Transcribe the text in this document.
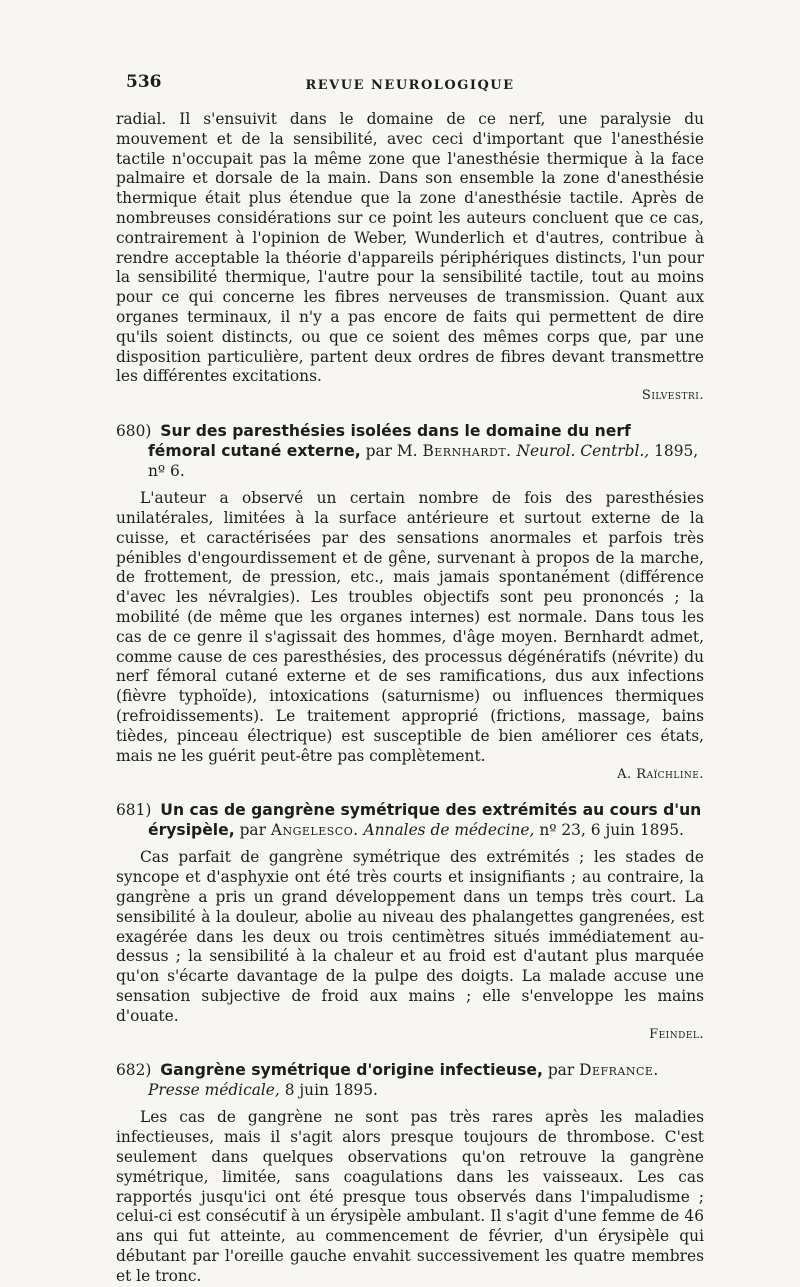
536	REVUE NEUROLOGIQUE

radial. Il s'ensuivit dans le domaine de ce nerf, une paralysie du mouvement et de la sensibilité, avec ceci d'important que l'anesthésie tactile n'occupait pas la même zone que l'anesthésie thermique à la face palmaire et dorsale de la main. Dans son ensemble la zone d'anesthésie thermique était plus étendue que la zone d'anesthésie tactile. Après de nombreuses considérations sur ce point les auteurs concluent que ce cas, contrairement à l'opinion de Weber, Wunderlich et d'autres, contribue à rendre acceptable la théorie d'appareils périphériques distincts, l'un pour la sensibilité thermique, l'autre pour la sensibilité tactile, tout au moins pour ce qui concerne les fibres nerveuses de transmission. Quant aux organes terminaux, il n'y a pas encore de faits qui permettent de dire qu'ils soient distincts, ou que ce soient des mêmes corps que, par une disposition particulière, partent deux ordres de fibres devant transmettre les différentes excitations.

Silvestri.

680) Sur des paresthésies isolées dans le domaine du nerf fémoral cutané externe, par M. Bernhardt. Neurol. Centrbl., 1895, nº 6.

L'auteur a observé un certain nombre de fois des paresthésies unilatérales, limitées à la surface antérieure et surtout externe de la cuisse, et caractérisées par des sensations anormales et parfois très pénibles d'engourdissement et de gêne, survenant à propos de la marche, de frottement, de pression, etc., mais jamais spontanément (différence d'avec les névralgies). Les troubles objectifs sont peu prononcés ; la mobilité (de même que les organes internes) est normale. Dans tous les cas de ce genre il s'agissait des hommes, d'âge moyen. Bernhardt admet, comme cause de ces paresthésies, des processus dégénératifs (névrite) du nerf fémoral cutané externe et de ses ramifications, dus aux infections (fièvre typhoïde), intoxications (saturnisme) ou influences thermiques (refroidissements). Le traitement approprié (frictions, massage, bains tièdes, pinceau électrique) est susceptible de bien améliorer ces états, mais ne les guérit peut-être pas complètement.

A. Raïchline.

681) Un cas de gangrène symétrique des extrémités au cours d'un érysipèle, par Angelesco. Annales de médecine, nº 23, 6 juin 1895.

Cas parfait de gangrène symétrique des extrémités ; les stades de syncope et d'asphyxie ont été très courts et insignifiants ; au contraire, la gangrène a pris un grand développement dans un temps très court. La sensibilité à la douleur, abolie au niveau des phalangettes gangrenées, est exagérée dans les deux ou trois centimètres situés immédiatement au-dessus ; la sensibilité à la chaleur et au froid est d'autant plus marquée qu'on s'écarte davantage de la pulpe des doigts. La malade accuse une sensation subjective de froid aux mains ; elle s'enveloppe les mains d'ouate.

Feindel.

682) Gangrène symétrique d'origine infectieuse, par Defrance. Presse médicale, 8 juin 1895.

Les cas de gangrène ne sont pas très rares après les maladies infectieuses, mais il s'agit alors presque toujours de thrombose. C'est seulement dans quelques observations qu'on retrouve la gangrène symétrique, limitée, sans coagulations dans les vaisseaux. Les cas rapportés jusqu'ici ont été presque tous observés dans l'impaludisme ; celui-ci est consécutif à un érysipèle ambulant. Il s'agit d'une femme de 46 ans qui fut atteinte, au commencement de février, d'un érysipèle qui débutant par l'oreille gauche envahit successivement les quatre membres et le tronc.
